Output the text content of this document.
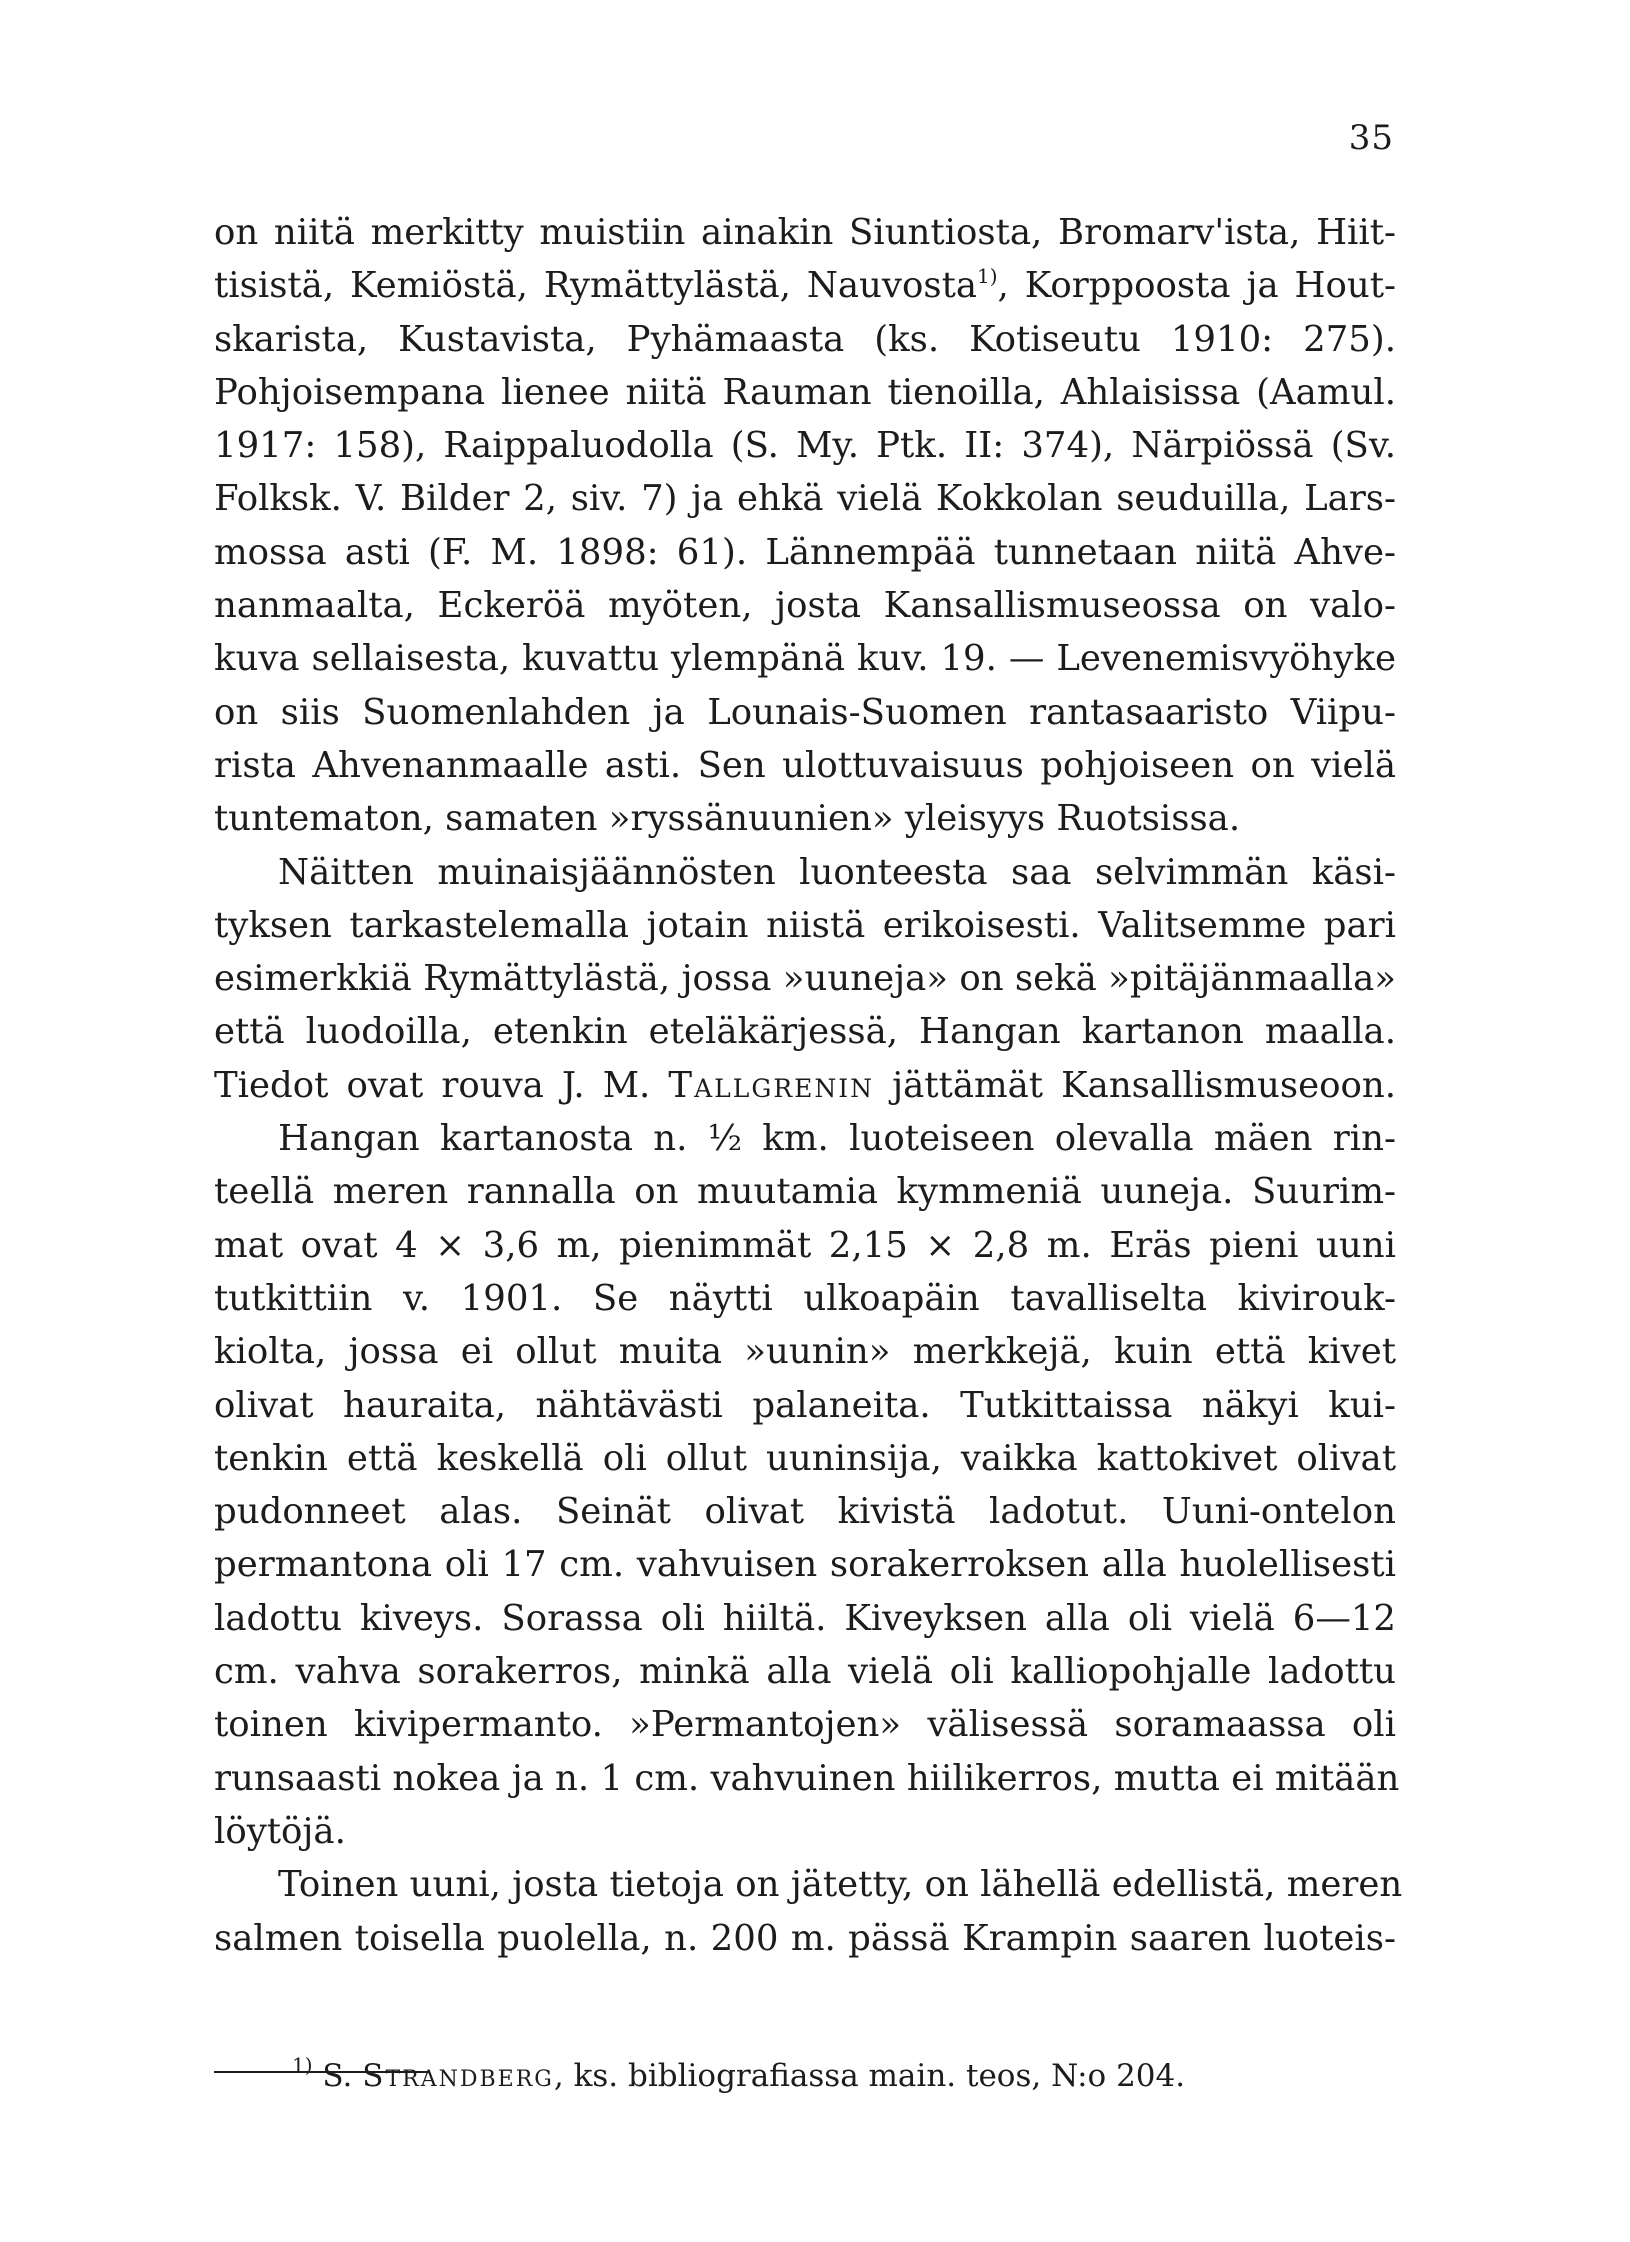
35
on niitä merkitty muistiin ainakin Siuntiosta, Bromarv'ista, Hiit-
tisistä, Kemiöstä, Rymättylästä, Nauvosta$^{1)}$, Korppoosta ja Hout-
skarista, Kustavista, Pyhämaasta (ks. Kotiseutu 1910: 275).
Pohjoisempana lienee niitä Rauman tienoilla, Ahlaisissa (Aamul.
1917: 158), Raippaluodolla (S. My. Ptk. II: 374), Närpiössä (Sv.
Folksk. V. Bilder 2, siv. 7) ja ehkä vielä Kokkolan seuduilla, Lars-
mossa asti (F. M. 1898: 61). Lännempää tunnetaan niitä Ahve-
nanmaalta, Eckeröä myöten, josta Kansallismuseossa on valo-
kuva sellaisesta, kuvattu ylempänä kuv. 19. — Levenemisvyöhyke
on siis Suomenlahden ja Lounais-Suomen rantasaaristo Viipu-
rista Ahvenanmaalle asti. Sen ulottuvaisuus pohjoiseen on vielä
tuntematon, samaten »ryssänuunien» yleisyys Ruotsissa.
Näitten muinaisjäännösten luonteesta saa selvimmän käsi-
tyksen tarkastelemalla jotain niistä erikoisesti. Valitsemme pari
esimerkkiä Rymättylästä, jossa »uuneja» on sekä »pitäjänmaalla»
että luodoilla, etenkin eteläkärjessä, Hangan kartanon maalla.
Tiedot ovat rouva J. M. Tallgrenin jättämät Kansallismuseoon.
Hangan kartanosta n. ½ km. luoteiseen olevalla mäen rin-
teellä meren rannalla on muutamia kymmeniä uuneja. Suurim-
mat ovat 4 × 3,6 m, pienimmät 2,15 × 2,8 m. Eräs pieni uuni
tutkittiin v. 1901. Se näytti ulkoapäin tavalliselta kivirouk-
kiolta, jossa ei ollut muita »uunin» merkkejä, kuin että kivet
olivat hauraita, nähtävästi palaneita. Tutkittaissa näkyi kui-
tenkin että keskellä oli ollut uuninsija, vaikka kattokivet olivat
pudonneet alas. Seinät olivat kivistä ladotut. Uuni-ontelon
permantona oli 17 cm. vahvuisen sorakerroksen alla huolellisesti
ladottu kiveys. Sorassa oli hiiltä. Kiveyksen alla oli vielä 6—12
cm. vahva sorakerros, minkä alla vielä oli kalliopohjalle ladottu
toinen kivipermanto. »Permantojen» välisessä soramaassa oli
runsaasti nokea ja n. 1 cm. vahvuinen hiilikerros, mutta ei mitään
löytöjä.
Toinen uuni, josta tietoja on jätetty, on lähellä edellistä, meren
salmen toisella puolella, n. 200 m. pässä Krampin saaren luoteis-
$^{1)}$ S. Strandberg, ks. bibliografiassa main. teos, N:o 204.
